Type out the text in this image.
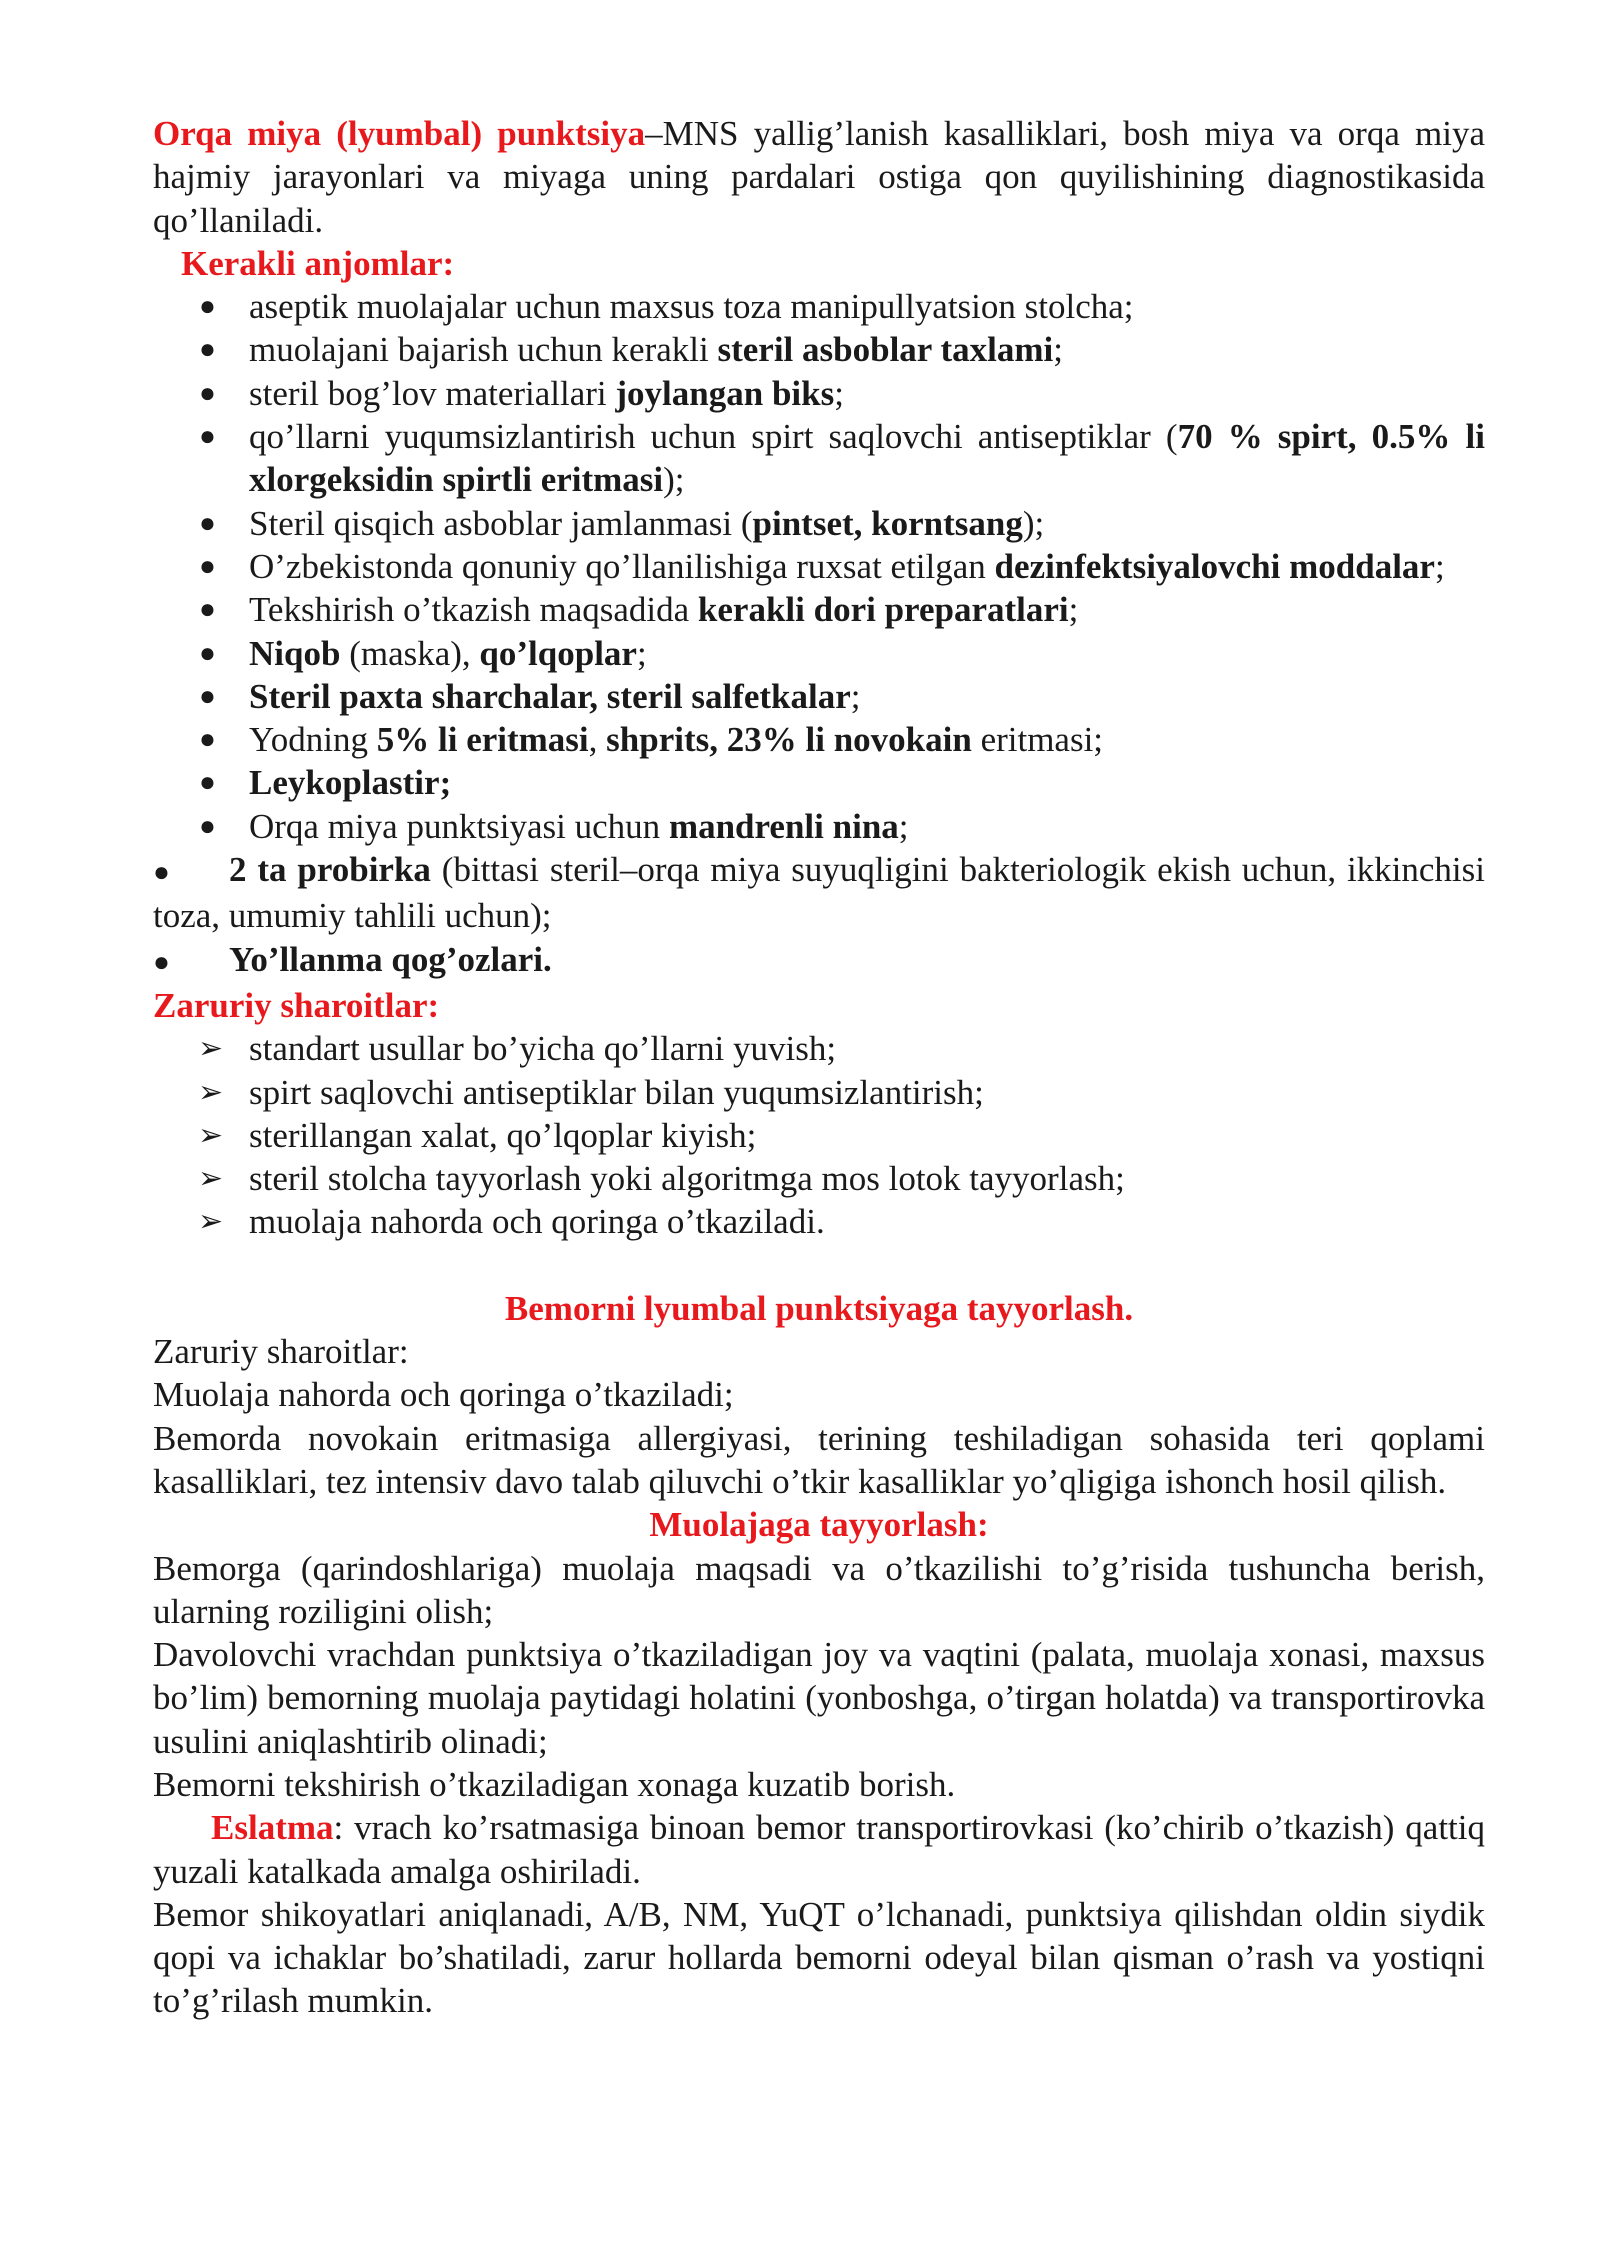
Orqa miya (lyumbal) punktsiya–MNS yallig’lanish kasalliklari, bosh miya va orqa miya hajmiy jarayonlari va miyaga uning pardalari ostiga qon quyilishining diagnostikasida qo’llaniladi.

Kerakli anjomlar:

● aseptik muolajalar uchun maxsus toza manipullyatsion stolcha;
● muolajani bajarish uchun kerakli steril asboblar taxlami;
● steril bog’lov materiallari joylangan biks;
● qo’llarni yuqumsizlantirish uchun spirt saqlovchi antiseptiklar (70 % spirt, 0.5% li xlorgeksidin spirtli eritmasi);
● Steril qisqich asboblar jamlanmasi (pintset, korntsang);
● O’zbekistonda qonuniy qo’llanilishiga ruxsat etilgan dezinfektsiyalovchi moddalar;
● Tekshirish o’tkazish maqsadida kerakli dori preparatlari;
● Niqob (maska), qo’lqoplar;
● Steril paxta sharchalar, steril salfetkalar;
● Yodning 5% li eritmasi, shprits, 23% li novokain eritmasi;
● Leykoplastir;
● Orqa miya punktsiyasi uchun mandrenli nina;

● 2 ta probirka (bittasi steril–orqa miya suyuqligini bakteriologik ekish uchun, ikkinchisi toza, umumiy tahlili uchun);

● Yo’llanma qog’ozlari.

Zaruriy sharoitlar:

➢ standart usullar bo’yicha qo’llarni yuvish;
➢ spirt saqlovchi antiseptiklar bilan yuqumsizlantirish;
➢ sterillangan xalat, qo’lqoplar kiyish;
➢ steril stolcha tayyorlash yoki algoritmga mos lotok tayyorlash;
➢ muolaja nahorda och qoringa o’tkaziladi.

Bemorni lyumbal punktsiyaga tayyorlash.

Zaruriy sharoitlar:

Muolaja nahorda och qoringa o’tkaziladi;

Bemorda novokain eritmasiga allergiyasi, terining teshiladigan sohasida teri qoplami kasalliklari, tez intensiv davo talab qiluvchi o’tkir kasalliklar yo’qligiga ishonch hosil qilish.

Muolajaga tayyorlash:

Bemorga (qarindoshlariga) muolaja maqsadi va o’tkazilishi to’g’risida tushuncha berish, ularning roziligini olish;

Davolovchi vrachdan punktsiya o’tkaziladigan joy va vaqtini (palata, muolaja xonasi, maxsus bo’lim) bemorning muolaja paytidagi holatini (yonboshga, o’tirgan holatda) va transportirovka usulini aniqlashtirib olinadi;

Bemorni tekshirish o’tkaziladigan xonaga kuzatib borish.

Eslatma: vrach ko’rsatmasiga binoan bemor transportirovkasi (ko’chirib o’tkazish) qattiq yuzali katalkada amalga oshiriladi.

Bemor shikoyatlari aniqlanadi, A/B, NM, YuQT o’lchanadi, punktsiya qilishdan oldin siydik qopi va ichaklar bo’shatiladi, zarur hollarda bemorni odeyal bilan qisman o’rash va yostiqni to’g’rilash mumkin.
